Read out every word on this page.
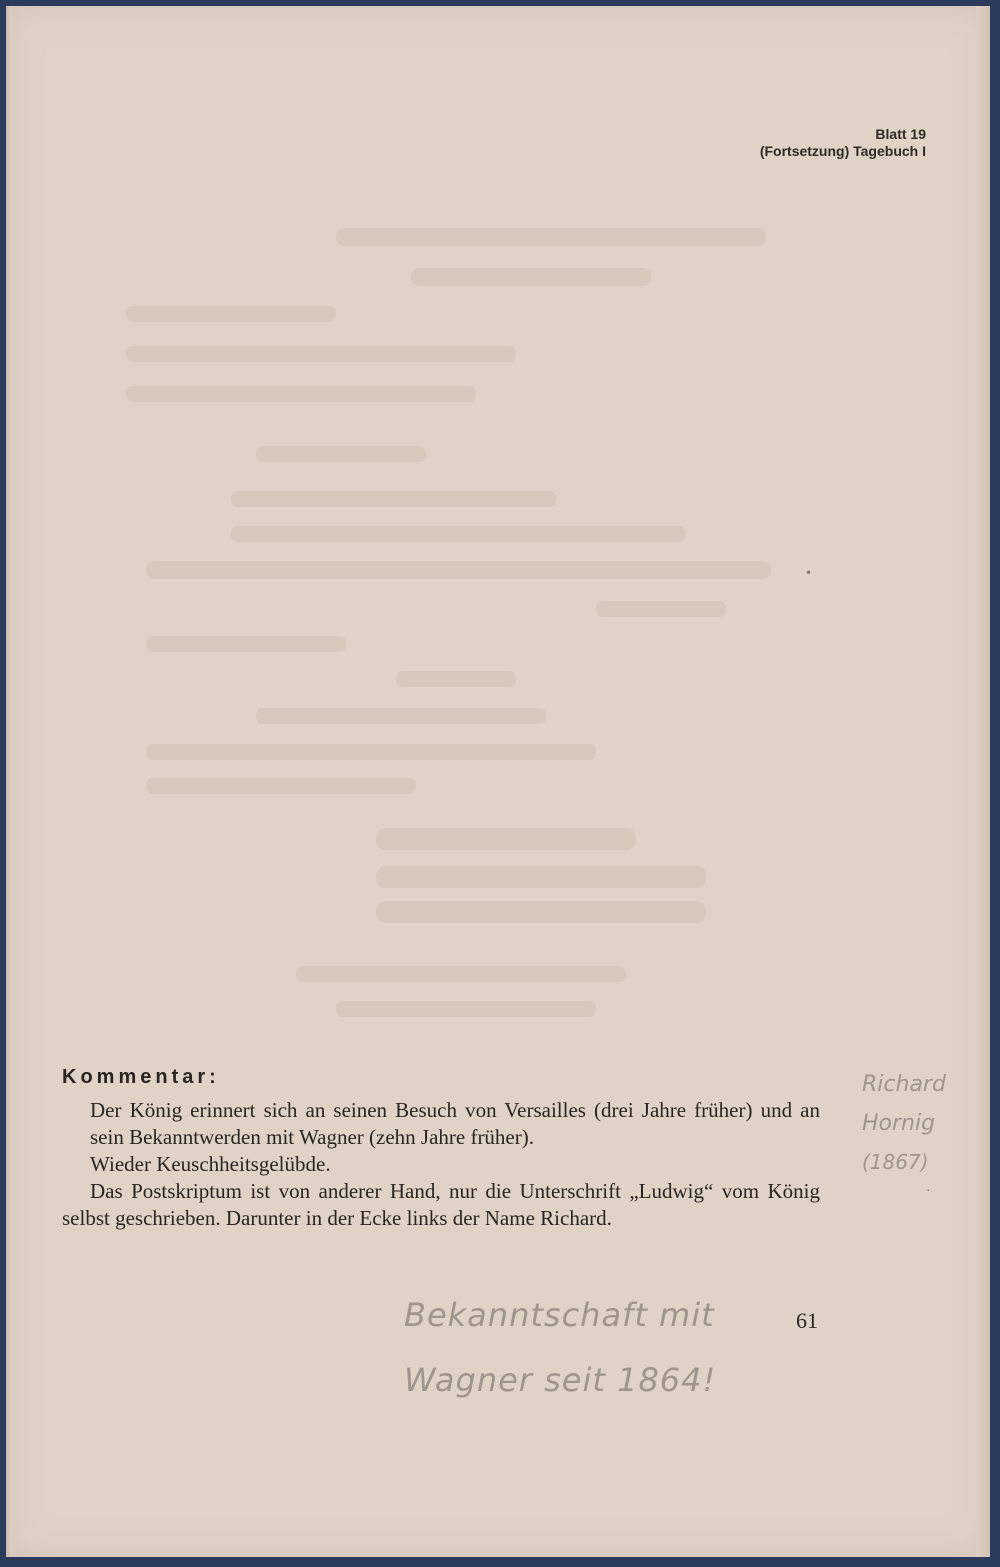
Blatt 19
(Fortsetzung) Tagebuch I
Kommentar:
Der König erinnert sich an seinen Besuch von Versailles (drei Jahre früher) und an sein Bekanntwerden mit Wagner (zehn Jahre früher).
Wieder Keuschheitsgelübde.
Das Postskriptum ist von anderer Hand, nur die Unterschrift „Ludwig“ vom König selbst geschrieben. Darunter in der Ecke links der Name Richard.
61
Richard
Hornig
(1867)
Bekanntschaft mit
Wagner seit 1864!
•
·
